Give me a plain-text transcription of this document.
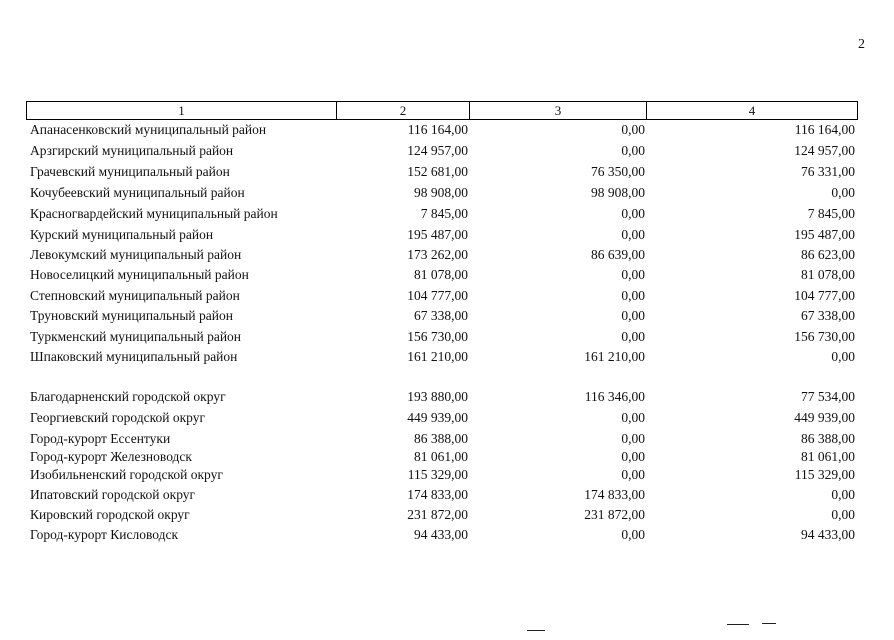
2
1	2	3	4
Апанасенковский муниципальный район	116 164,00	0,00	116 164,00
Арзгирский муниципальный район	124 957,00	0,00	124 957,00
Грачевский муниципальный район	152 681,00	76 350,00	76 331,00
Кочубеевский муниципальный район	98 908,00	98 908,00	0,00
Красногвардейский муниципальный район	7 845,00	0,00	7 845,00
Курский муниципальный район	195 487,00	0,00	195 487,00
Левокумский муниципальный район	173 262,00	86 639,00	86 623,00
Новоселицкий муниципальный район	81 078,00	0,00	81 078,00
Степновский муниципальный район	104 777,00	0,00	104 777,00
Труновский муниципальный район	67 338,00	0,00	67 338,00
Туркменский муниципальный район	156 730,00	0,00	156 730,00
Шпаковский муниципальный район	161 210,00	161 210,00	0,00
Благодарненский городской округ	193 880,00	116 346,00	77 534,00
Георгиевский городской округ	449 939,00	0,00	449 939,00
Город-курорт Ессентуки	86 388,00	0,00	86 388,00
Город-курорт Железноводск	81 061,00	0,00	81 061,00
Изобильненский городской округ	115 329,00	0,00	115 329,00
Ипатовский городской округ	174 833,00	174 833,00	0,00
Кировский городской округ	231 872,00	231 872,00	0,00
Город-курорт Кисловодск	94 433,00	0,00	94 433,00
